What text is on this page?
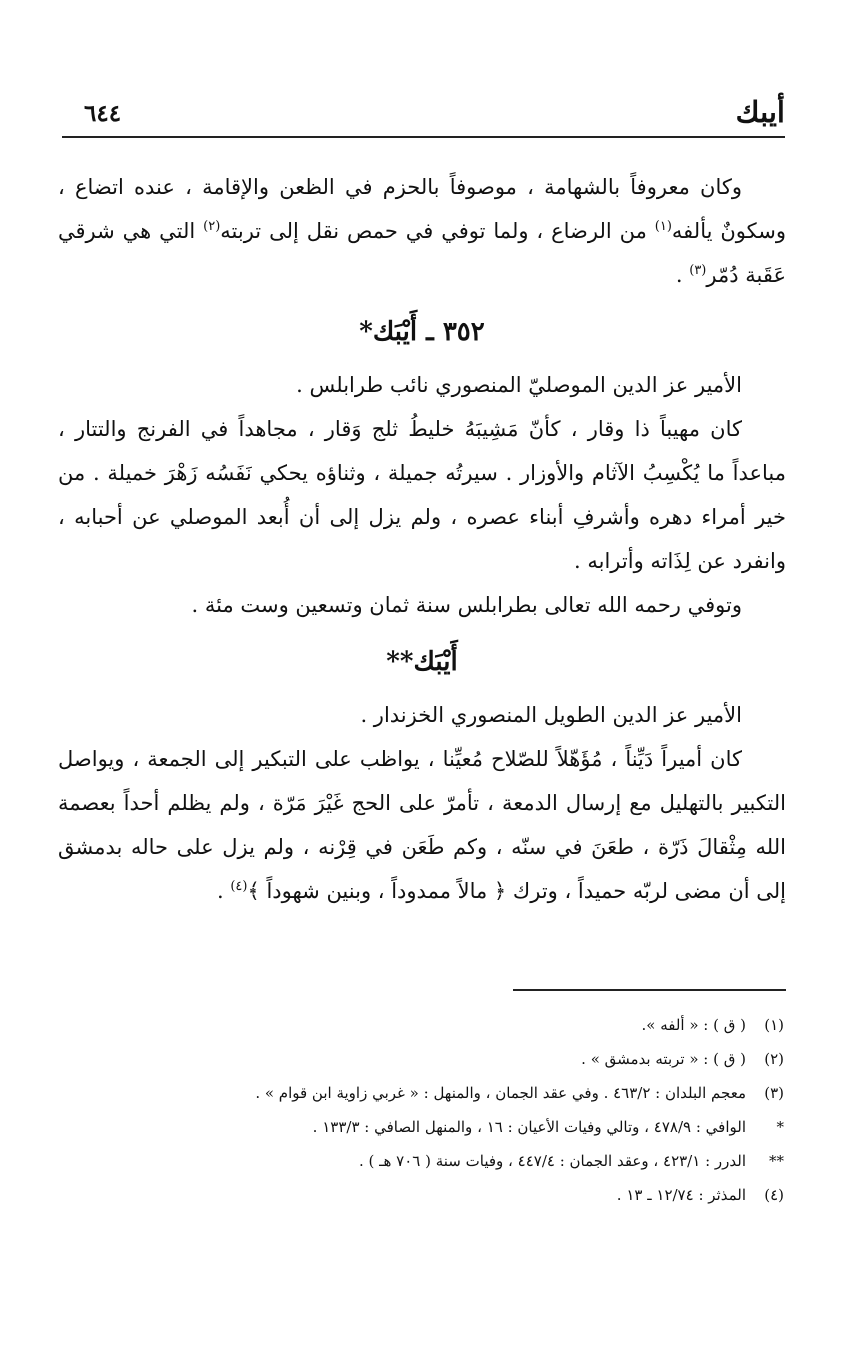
أيبك
٦٤٤

وكان معروفاً بالشهامة ، موصوفاً بالحزم في الظعن والإقامة ، عنده اتضاع ، وسكونٌ يألفه$^{(١)}$ من الرضاع ، ولما توفي في حمص نقل إلى تربته$^{(٢)}$ التي هي شرقي عَقَبة دُمّر$^{(٣)}$ .

٣٥٢ ـ أَيْبَك*

الأمير عز الدين الموصليّ المنصوري نائب طرابلس .

كان مهيباً ذا وقار ، كأنّ مَشِيبَهُ خليطُ ثلج وَقار ، مجاهداً في الفرنج والتتار ، مباعداً ما يُكْسِبُ الآثام والأوزار . سيرتُه جميلة ، وثناؤه يحكي نَفَسُه زَهْرَ خميلة . من خير أمراء دهره وأشرفِ أبناء عصره ، ولم يزل إلى أن أُبعد الموصلي عن أحبابه ، وانفرد عن لِذَاته وأترابه .

وتوفي رحمه الله تعالى بطرابلس سنة ثمان وتسعين وست مئة .

أَيْبَك**

الأمير عز الدين الطويل المنصوري الخزندار .

كان أميراً دَيِّناً ، مُؤَهّلاً للصّلاح مُعيِّنا ، يواظب على التبكير إلى الجمعة ، ويواصل التكبير بالتهليل مع إرسال الدمعة ، تأمرّ على الحج غَيْرَ مَرّة ، ولم يظلم أحداً بعصمة الله مِثْقالَ ذَرّة ، طعَنَ في سنّه ، وكم طَعَن في قِرْنه ، ولم يزل على حاله بدمشق إلى أن مضى لربّه حميداً ، وترك ﴿ مالاً ممدوداً ، وبنين شهوداً ﴾$^{(٤)}$ .

(١)
( ق ) : « ألفه ».
(٢)
( ق ) : « تربته بدمشق » .
(٣)
معجم البلدان : ٤٦٣/٢ . وفي عقد الجمان ، والمنهل : « غربي زاوية ابن قوام » .
*
الوافي : ٤٧٨/٩ ، وتالي وفيات الأعيان : ١٦ ، والمنهل الصافي : ١٣٣/٣ .
**
الدرر : ٤٢٣/١ ، وعقد الجمان : ٤٤٧/٤ ، وفيات سنة ( ٧٠٦ هـ ) .
(٤)
المذثر : ١٢/٧٤ ـ ١٣ .
